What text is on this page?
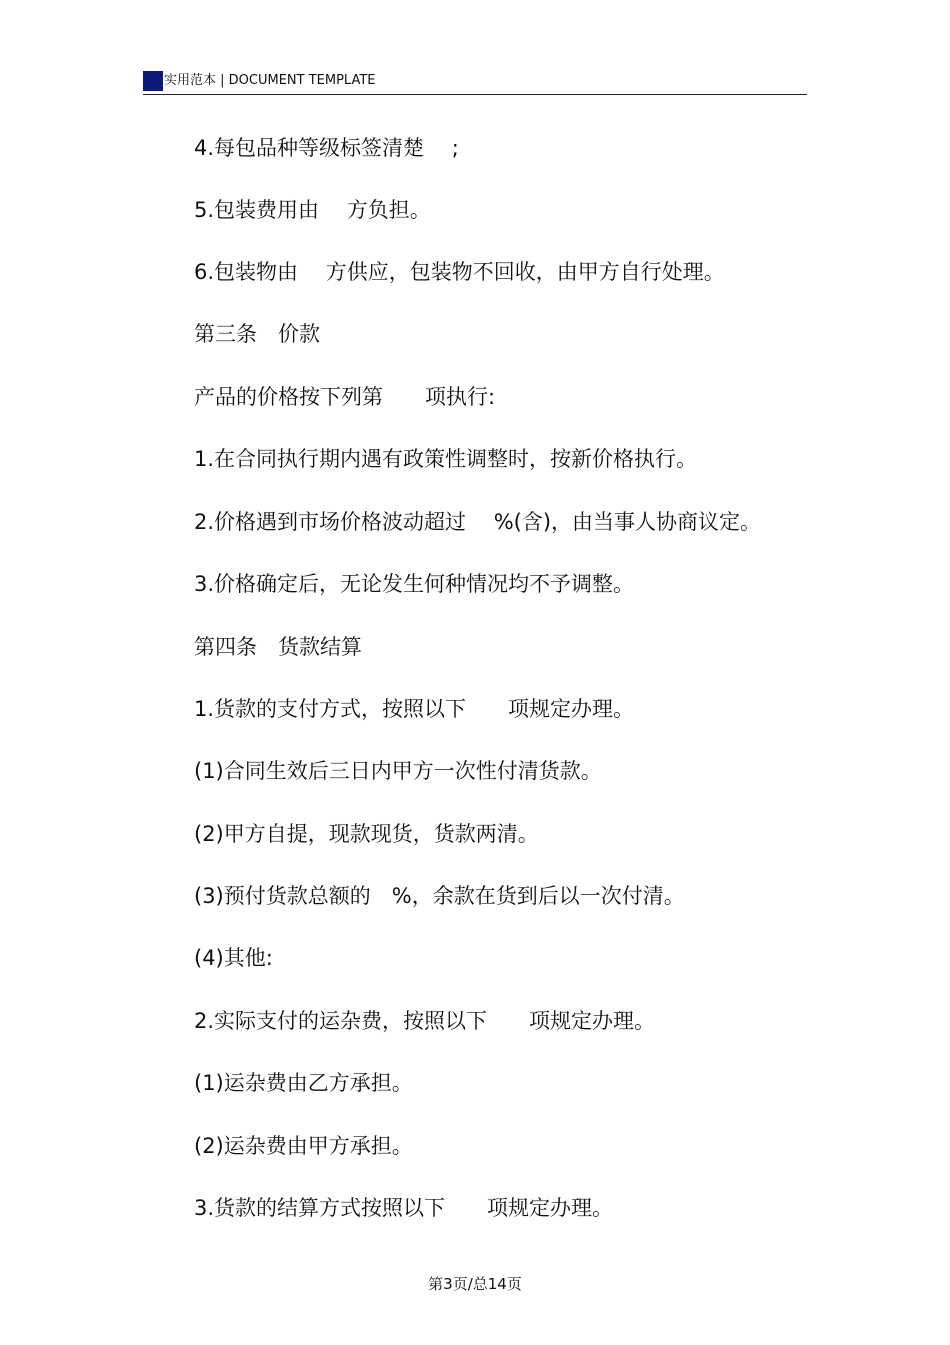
实用范本 | DOCUMENT TEMPLATE
4.每包品种等级标签清楚　 ;
5.包装费用由　 方负担。
6.包装物由　 方供应，包装物不回收，由甲方自行处理。
第三条　价款
产品的价格按下列第　　项执行:
1.在合同执行期内遇有政策性调整时，按新价格执行。
2.价格遇到市场价格波动超过　 %(含)，由当事人协商议定。
3.价格确定后，无论发生何种情况均不予调整。
第四条　货款结算
1.货款的支付方式，按照以下　　项规定办理。
(1)合同生效后三日内甲方一次性付清货款。
(2)甲方自提，现款现货，货款两清。
(3)预付货款总额的　%，余款在货到后以一次付清。
(4)其他:
2.实际支付的运杂费，按照以下　　项规定办理。
(1)运杂费由乙方承担。
(2)运杂费由甲方承担。
3.货款的结算方式按照以下　　项规定办理。
第3页/总14页
